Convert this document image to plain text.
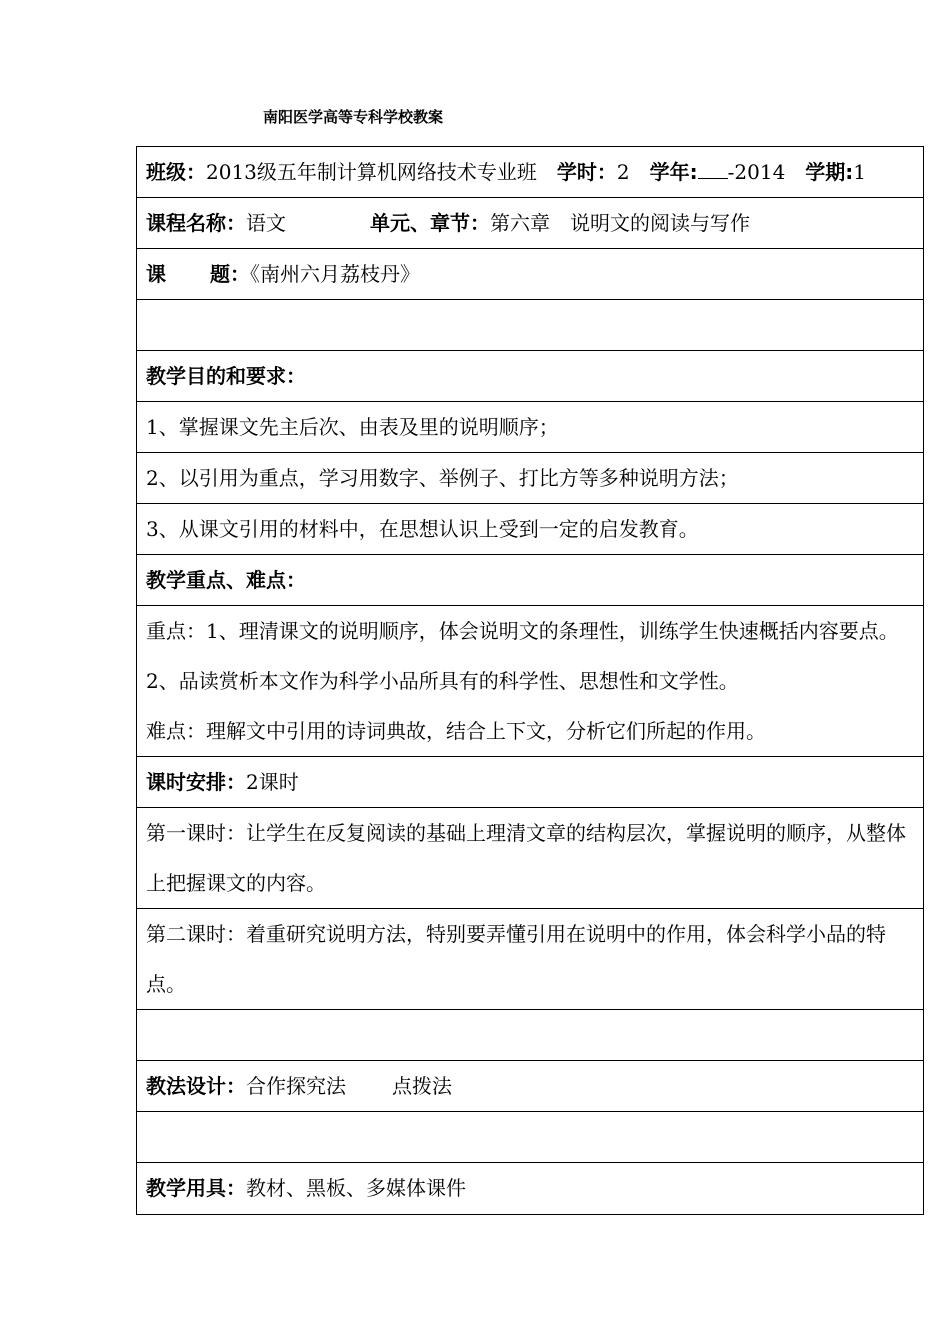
南阳医学高等专科学校教案
班级：2013级五年制计算机网络技术专业班 学时：2 学年: -2014 学期:1
课程名称：语文	单元、章节：第六章 说明文的阅读与写作
课 题：《南州六月荔枝丹》
教学目的和要求：
1、掌握课文先主后次、由表及里的说明顺序；
2、以引用为重点，学习用数字、举例子、打比方等多种说明方法；
3、从课文引用的材料中，在思想认识上受到一定的启发教育。
教学重点、难点：
重点：1、理清课文的说明顺序，体会说明文的条理性，训练学生快速概括内容要点。2、品读赏析本文作为科学小品所具有的科学性、思想性和文学性。
难点：理解文中引用的诗词典故，结合上下文，分析它们所起的作用。
课时安排：2课时
第一课时：让学生在反复阅读的基础上理清文章的结构层次，掌握说明的顺序，从整体上把握课文的内容。
第二课时：着重研究说明方法，特别要弄懂引用在说明中的作用，体会科学小品的特点。
教法设计：合作探究法 点拨法
教学用具：教材、黑板、多媒体课件
